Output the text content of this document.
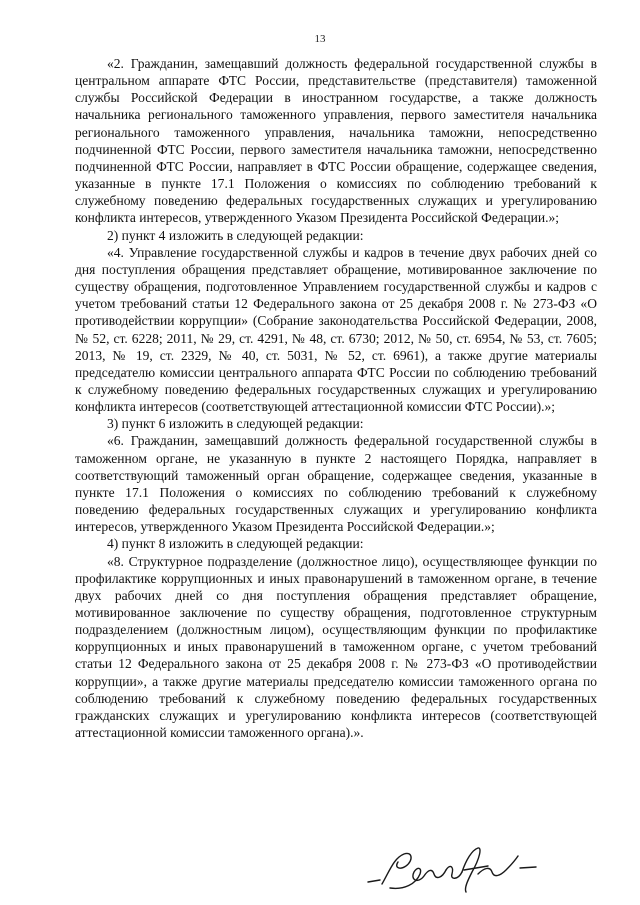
13

«2. Гражданин, замещавший должность федеральной государственной службы в центральном аппарате ФТС России, представительстве (представителя) таможенной службы Российской Федерации в иностранном государстве, а также должность начальника регионального таможенного управления, первого заместителя начальника регионального таможенного управления, начальника таможни, непосредственно подчиненной ФТС России, первого заместителя начальника таможни, непосредственно подчиненной ФТС России, направляет в ФТС России обращение, содержащее сведения, указанные в пункте 17.1 Положения о комиссиях по соблюдению требований к служебному поведению федеральных государственных служащих и урегулированию конфликта интересов, утвержденного Указом Президента Российской Федерации.»;

2) пункт 4 изложить в следующей редакции:

«4. Управление государственной службы и кадров в течение двух рабочих дней со дня поступления обращения представляет обращение, мотивированное заключение по существу обращения, подготовленное Управлением государственной службы и кадров с учетом требований статьи 12 Федерального закона от 25 декабря 2008 г. № 273-ФЗ «О противодействии коррупции» (Собрание законодательства Российской Федерации, 2008, № 52, ст. 6228; 2011, № 29, ст. 4291, № 48, ст. 6730; 2012, № 50, ст. 6954, № 53, ст. 7605; 2013, № 19, ст. 2329, № 40, ст. 5031, № 52, ст. 6961), а также другие материалы председателю комиссии центрального аппарата ФТС России по соблюдению требований к служебному поведению федеральных государственных служащих и урегулированию конфликта интересов (соответствующей аттестационной комиссии ФТС России).»;

3) пункт 6 изложить в следующей редакции:

«6. Гражданин, замещавший должность федеральной государственной службы в таможенном органе, не указанную в пункте 2 настоящего Порядка, направляет в соответствующий таможенный орган обращение, содержащее сведения, указанные в пункте 17.1 Положения о комиссиях по соблюдению требований к служебному поведению федеральных государственных служащих и урегулированию конфликта интересов, утвержденного Указом Президента Российской Федерации.»;

4) пункт 8 изложить в следующей редакции:

«8. Структурное подразделение (должностное лицо), осуществляющее функции по профилактике коррупционных и иных правонарушений в таможенном органе, в течение двух рабочих дней со дня поступления обращения представляет обращение, мотивированное заключение по существу обращения, подготовленное структурным подразделением (должностным лицом), осуществляющим функции по профилактике коррупционных и иных правонарушений в таможенном органе, с учетом требований статьи 12 Федерального закона от 25 декабря 2008 г. № 273-ФЗ «О противодействии коррупции», а также другие материалы председателю комиссии таможенного органа по соблюдению требований к служебному поведению федеральных государственных гражданских служащих и урегулированию конфликта интересов (соответствующей аттестационной комиссии таможенного органа).».
